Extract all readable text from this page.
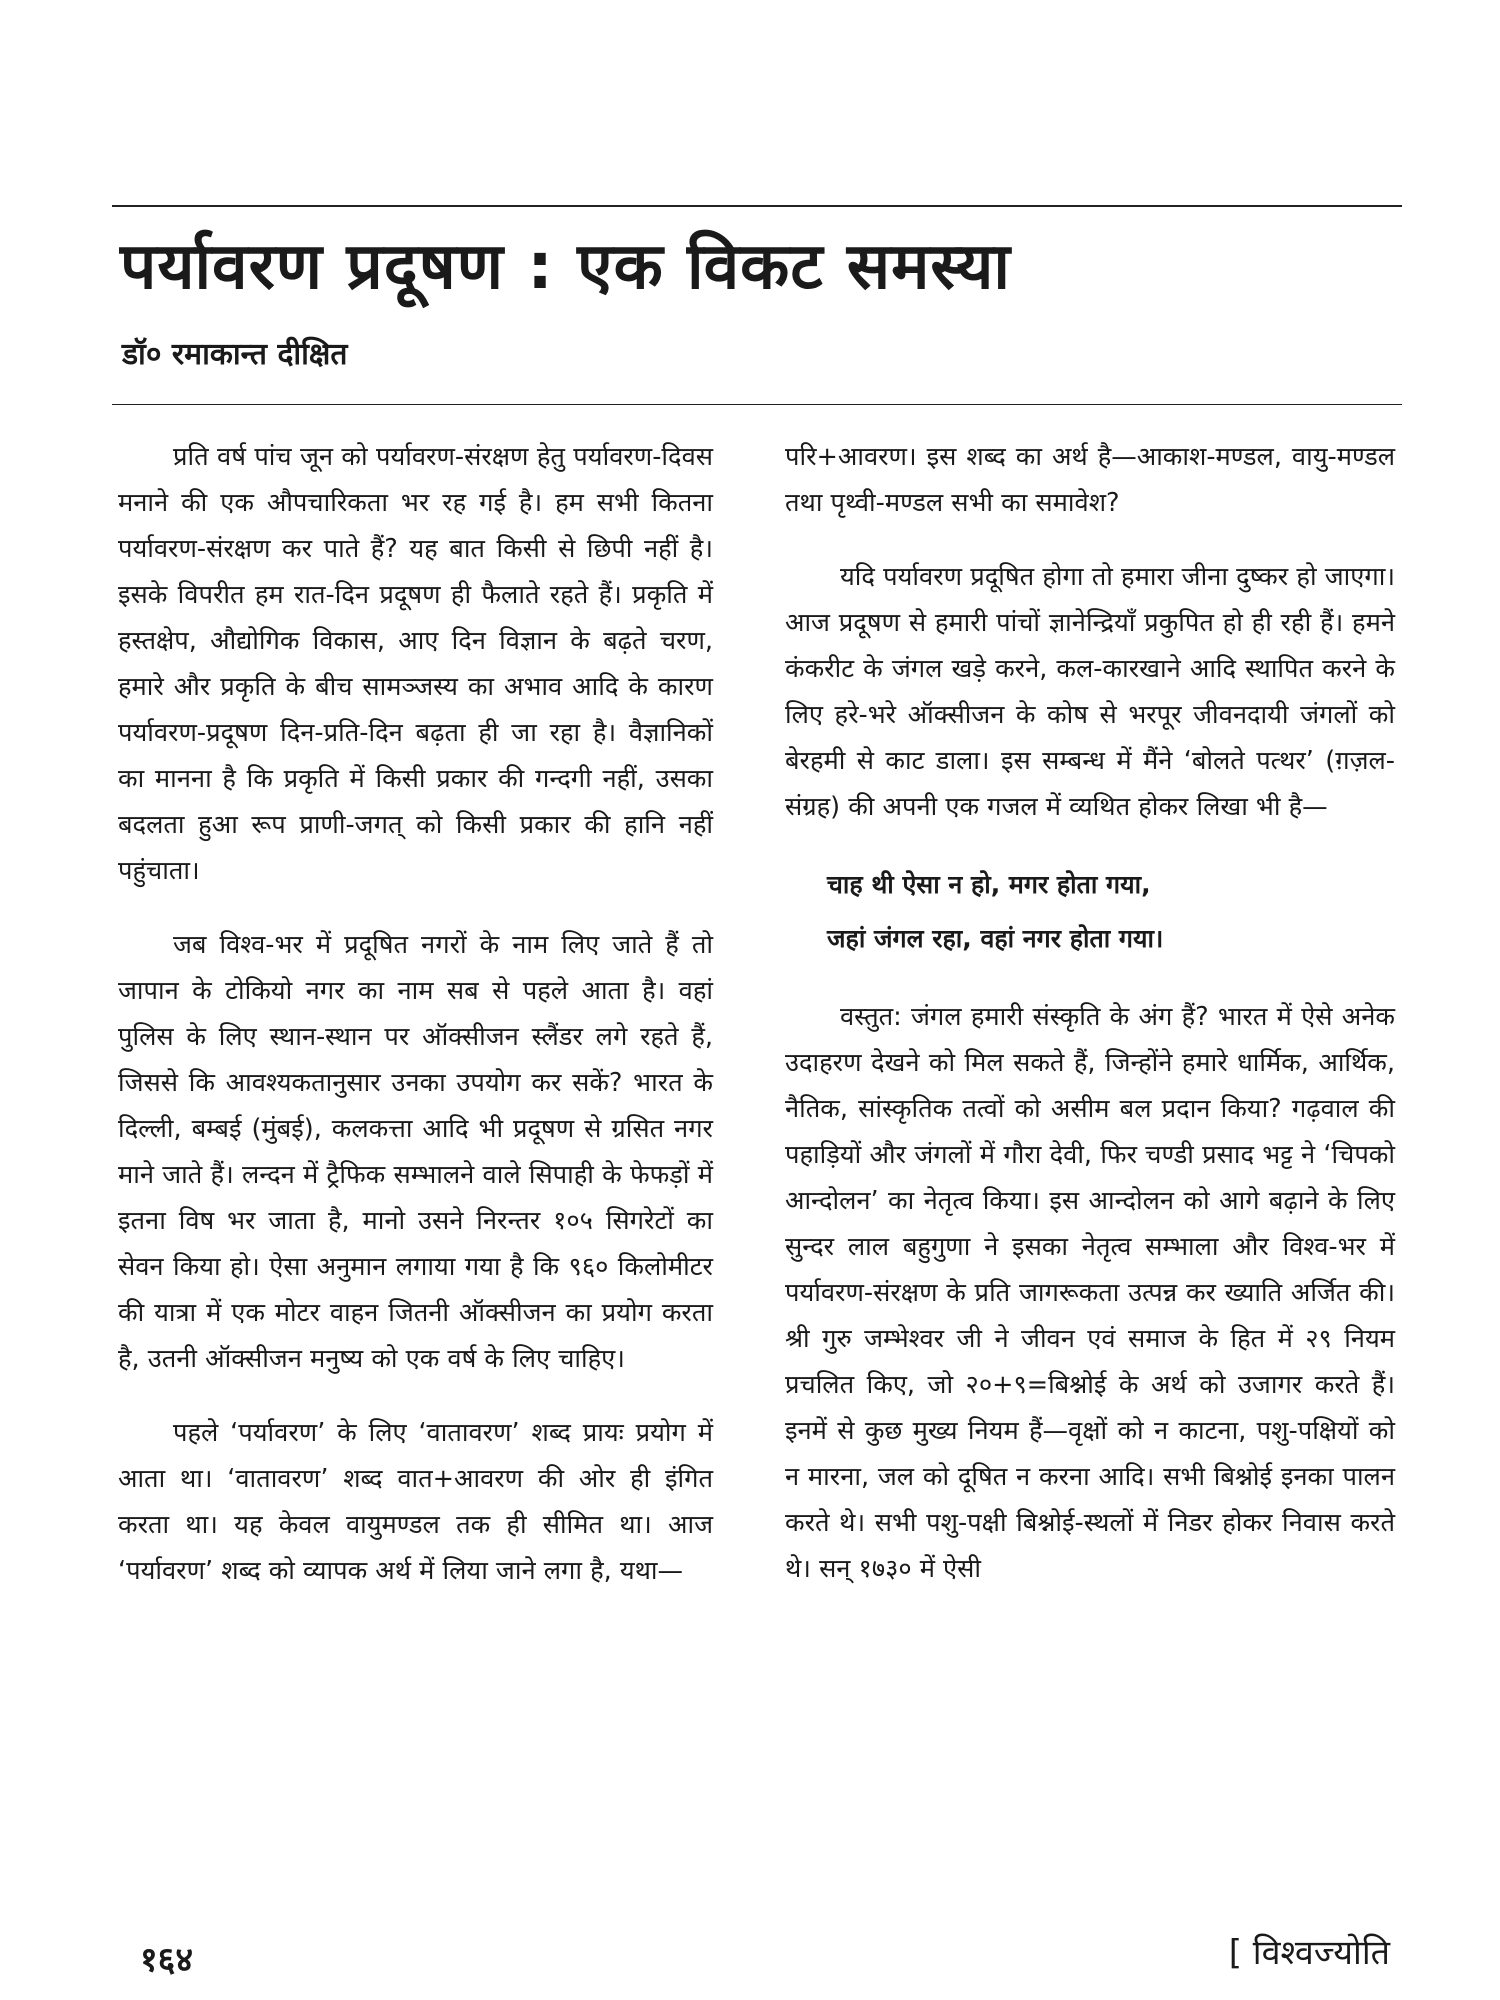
पर्यावरण प्रदूषण : एक विकट समस्या
डॉ० रमाकान्त दीक्षित

प्रति वर्ष पांच जून को पर्यावरण-संरक्षण हेतु पर्यावरण-दिवस मनाने की एक औपचारिकता भर रह गई है। हम सभी कितना पर्यावरण-संरक्षण कर पाते हैं? यह बात किसी से छिपी नहीं है। इसके विपरीत हम रात-दिन प्रदूषण ही फैलाते रहते हैं। प्रकृति में हस्तक्षेप, औद्योगिक विकास, आए दिन विज्ञान के बढ़ते चरण, हमारे और प्रकृति के बीच सामञ्जस्य का अभाव आदि के कारण पर्यावरण-प्रदूषण दिन-प्रति-दिन बढ़ता ही जा रहा है। वैज्ञानिकों का मानना है कि प्रकृति में किसी प्रकार की गन्दगी नहीं, उसका बदलता हुआ रूप प्राणी-जगत् को किसी प्रकार की हानि नहीं पहुंचाता।

जब विश्व-भर में प्रदूषित नगरों के नाम लिए जाते हैं तो जापान के टोकियो नगर का नाम सब से पहले आता है। वहां पुलिस के लिए स्थान-स्थान पर ऑक्सीजन स्लैंडर लगे रहते हैं, जिससे कि आवश्यकतानुसार उनका उपयोग कर सकें? भारत के दिल्ली, बम्बई (मुंबई), कलकत्ता आदि भी प्रदूषण से ग्रसित नगर माने जाते हैं। लन्दन में ट्रैफिक सम्भालने वाले सिपाही के फेफड़ों में इतना विष भर जाता है, मानो उसने निरन्तर १०५ सिगरेटों का सेवन किया हो। ऐसा अनुमान लगाया गया है कि ९६० किलोमीटर की यात्रा में एक मोटर वाहन जितनी ऑक्सीजन का प्रयोग करता है, उतनी ऑक्सीजन मनुष्य को एक वर्ष के लिए चाहिए।

पहले ‘पर्यावरण’ के लिए ‘वातावरण’ शब्द प्रायः प्रयोग में आता था। ‘वातावरण’ शब्द वात+आवरण की ओर ही इंगित करता था। यह केवल वायुमण्डल तक ही सीमित था। आज ‘पर्यावरण’ शब्द को व्यापक अर्थ में लिया जाने लगा है, यथा—

परि+आवरण। इस शब्द का अर्थ है—आकाश-मण्डल, वायु-मण्डल तथा पृथ्वी-मण्डल सभी का समावेश?

यदि पर्यावरण प्रदूषित होगा तो हमारा जीना दुष्कर हो जाएगा। आज प्रदूषण से हमारी पांचों ज्ञानेन्द्रियाँ प्रकुपित हो ही रही हैं। हमने कंकरीट के जंगल खड़े करने, कल-कारखाने आदि स्थापित करने के लिए हरे-भरे ऑक्सीजन के कोष से भरपूर जीवनदायी जंगलों को बेरहमी से काट डाला। इस सम्बन्ध में मैंने ‘बोलते पत्थर’ (ग़ज़ल-संग्रह) की अपनी एक गजल में व्यथित होकर लिखा भी है—

चाह थी ऐसा न हो, मगर होता गया,
जहां जंगल रहा, वहां नगर होता गया।

वस्तुत: जंगल हमारी संस्कृति के अंग हैं? भारत में ऐसे अनेक उदाहरण देखने को मिल सकते हैं, जिन्होंने हमारे धार्मिक, आर्थिक, नैतिक, सांस्कृतिक तत्वों को असीम बल प्रदान किया? गढ़वाल की पहाड़ियों और जंगलों में गौरा देवी, फिर चण्डी प्रसाद भट्ट ने ‘चिपको आन्दोलन’ का नेतृत्व किया। इस आन्दोलन को आगे बढ़ाने के लिए सुन्दर लाल बहुगुणा ने इसका नेतृत्व सम्भाला और विश्व-भर में पर्यावरण-संरक्षण के प्रति जागरूकता उत्पन्न कर ख्याति अर्जित की। श्री गुरु जम्भेश्वर जी ने जीवन एवं समाज के हित में २९ नियम प्रचलित किए, जो २०+९=बिश्नोई के अर्थ को उजागर करते हैं। इनमें से कुछ मुख्य नियम हैं—वृक्षों को न काटना, पशु-पक्षियों को न मारना, जल को दूषित न करना आदि। सभी बिश्नोई इनका पालन करते थे। सभी पशु-पक्षी बिश्नोई-स्थलों में निडर होकर निवास करते थे। सन् १७३० में ऐसी

१६४	[ विश्वज्योति
